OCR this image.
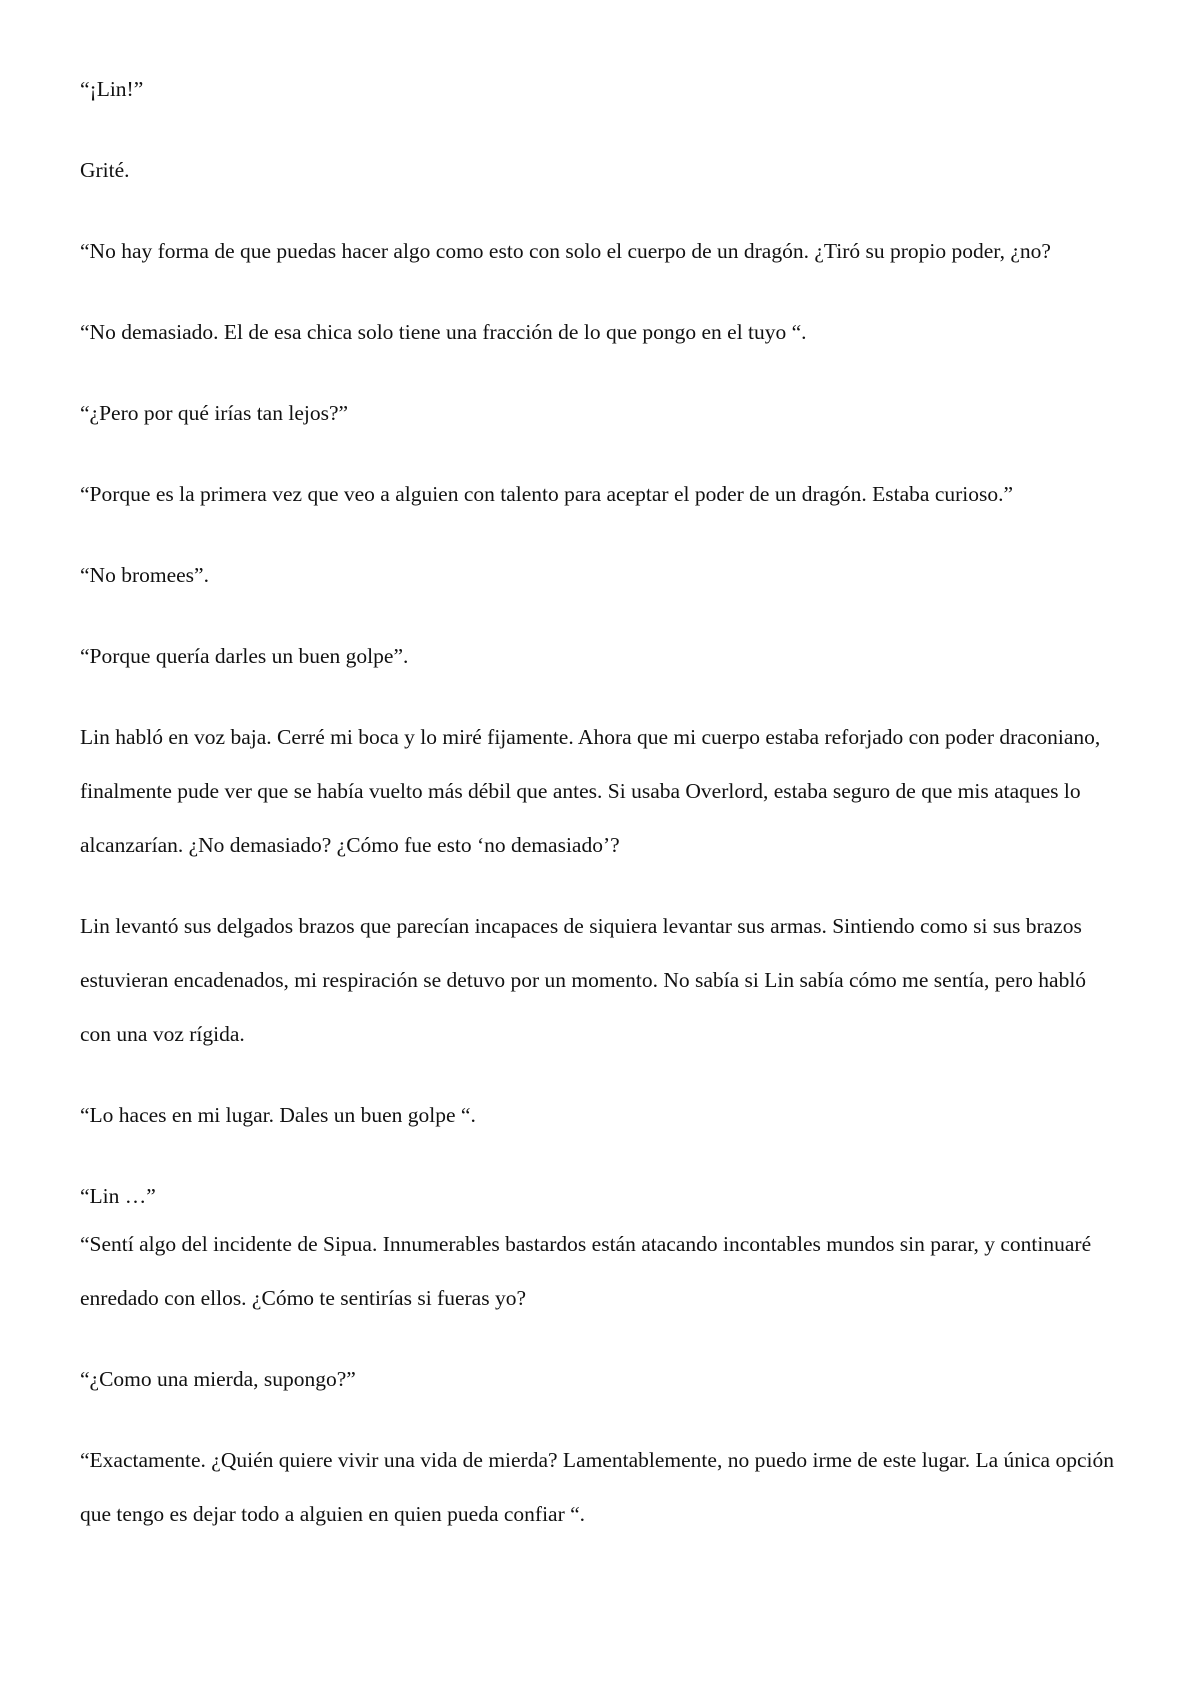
“¡Lin!”

Grité.

“No hay forma de que puedas hacer algo como esto con solo el cuerpo de un dragón. ¿Tiró su propio poder, ¿no?

“No demasiado. El de esa chica solo tiene una fracción de lo que pongo en el tuyo “.

“¿Pero por qué irías tan lejos?”

“Porque es la primera vez que veo a alguien con talento para aceptar el poder de un dragón. Estaba curioso.”

“No bromees”.

“Porque quería darles un buen golpe”.

Lin habló en voz baja. Cerré mi boca y lo miré fijamente. Ahora que mi cuerpo estaba reforjado con poder draconiano, finalmente pude ver que se había vuelto más débil que antes. Si usaba Overlord, estaba seguro de que mis ataques lo alcanzarían. ¿No demasiado? ¿Cómo fue esto ‘no demasiado’?

Lin levantó sus delgados brazos que parecían incapaces de siquiera levantar sus armas. Sintiendo como si sus brazos estuvieran encadenados, mi respiración se detuvo por un momento. No sabía si Lin sabía cómo me sentía, pero habló con una voz rígida.

“Lo haces en mi lugar. Dales un buen golpe “.

“Lin …”

“Sentí algo del incidente de Sipua. Innumerables bastardos están atacando incontables mundos sin parar, y continuaré enredado con ellos. ¿Cómo te sentirías si fueras yo?

“¿Como una mierda, supongo?”

“Exactamente. ¿Quién quiere vivir una vida de mierda? Lamentablemente, no puedo irme de este lugar. La única opción que tengo es dejar todo a alguien en quien pueda confiar “.
